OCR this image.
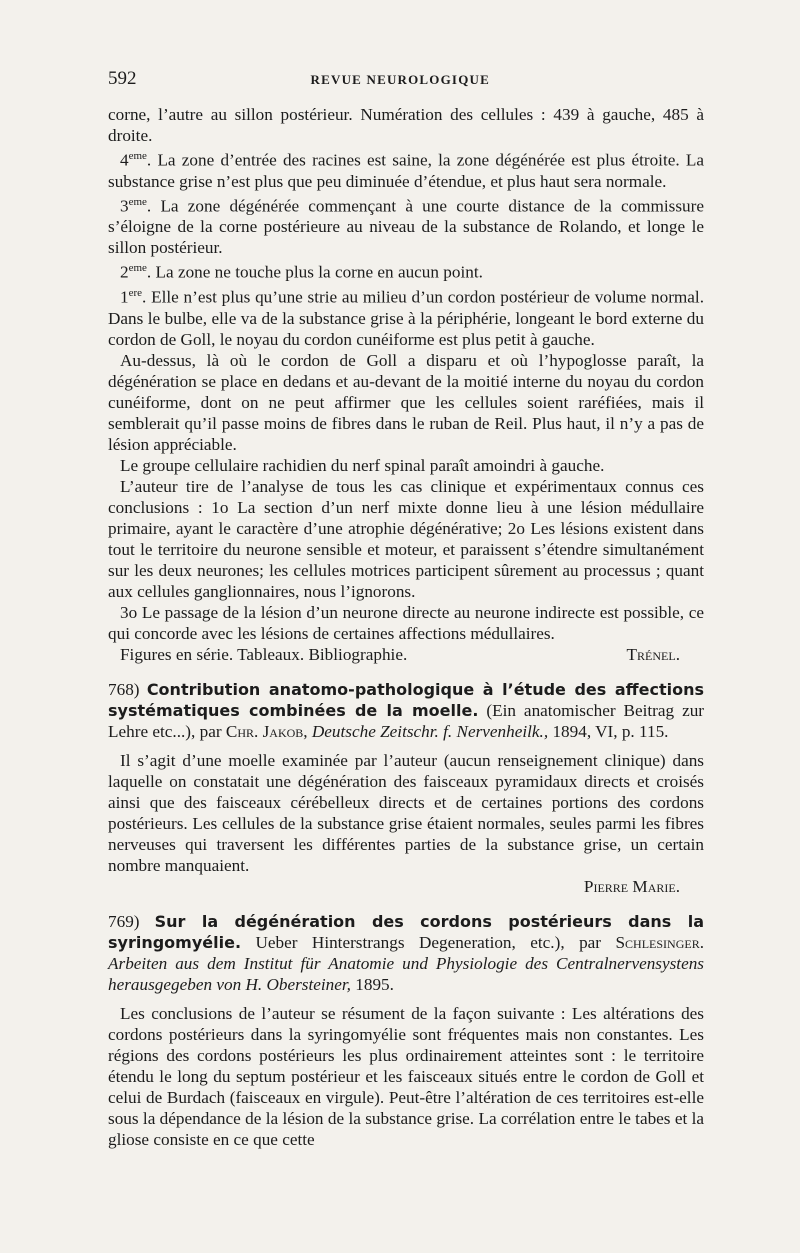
592	REVUE NEUROLOGIQUE

corne, l’autre au sillon postérieur. Numération des cellules : 439 à gauche, 485 à droite.

4eme. La zone d’entrée des racines est saine, la zone dégénérée est plus étroite. La substance grise n’est plus que peu diminuée d’étendue, et plus haut sera normale.

3eme. La zone dégénérée commençant à une courte distance de la commissure s’éloigne de la corne postérieure au niveau de la substance de Rolando, et longe le sillon postérieur.

2eme. La zone ne touche plus la corne en aucun point.

1ere. Elle n’est plus qu’une strie au milieu d’un cordon postérieur de volume normal. Dans le bulbe, elle va de la substance grise à la périphérie, longeant le bord externe du cordon de Goll, le noyau du cordon cunéiforme est plus petit à gauche.

Au-dessus, là où le cordon de Goll a disparu et où l’hypoglosse paraît, la dégénération se place en dedans et au-devant de la moitié interne du noyau du cordon cunéiforme, dont on ne peut affirmer que les cellules soient raréfiées, mais il semblerait qu’il passe moins de fibres dans le ruban de Reil. Plus haut, il n’y a pas de lésion appréciable.

Le groupe cellulaire rachidien du nerf spinal paraît amoindri à gauche.

L’auteur tire de l’analyse de tous les cas clinique et expérimentaux connus ces conclusions : 1o La section d’un nerf mixte donne lieu à une lésion médullaire primaire, ayant le caractère d’une atrophie dégénérative; 2o Les lésions existent dans tout le territoire du neurone sensible et moteur, et paraissent s’étendre simultanément sur les deux neurones; les cellules motrices participent sûrement au processus ; quant aux cellules ganglionnaires, nous l’ignorons.

3o Le passage de la lésion d’un neurone directe au neurone indirecte est possible, ce qui concorde avec les lésions de certaines affections médullaires.

Figures en série. Tableaux. Bibliographie.	Trénel.

768) Contribution anatomo-pathologique à l’étude des affections systématiques combinées de la moelle. (Ein anatomischer Beitrag zur Lehre etc...), par Chr. Jakob, Deutsche Zeitschr. f. Nervenheilk., 1894, VI, p. 115.

Il s’agit d’une moelle examinée par l’auteur (aucun renseignement clinique) dans laquelle on constatait une dégénération des faisceaux pyramidaux directs et croisés ainsi que des faisceaux cérébelleux directs et de certaines portions des cordons postérieurs. Les cellules de la substance grise étaient normales, seules parmi les fibres nerveuses qui traversent les différentes parties de la substance grise, un certain nombre manquaient.

Pierre Marie.

769) Sur la dégénération des cordons postérieurs dans la syringomyélie. Ueber Hinterstrangs Degeneration, etc.), par Schlesinger. Arbeiten aus dem Institut für Anatomie und Physiologie des Centralnervensystens herausgegeben von H. Obersteiner, 1895.

Les conclusions de l’auteur se résument de la façon suivante : Les altérations des cordons postérieurs dans la syringomyélie sont fréquentes mais non constantes. Les régions des cordons postérieurs les plus ordinairement atteintes sont : le territoire étendu le long du septum postérieur et les faisceaux situés entre le cordon de Goll et celui de Burdach (faisceaux en virgule). Peut-être l’altération de ces territoires est-elle sous la dépendance de la lésion de la substance grise. La corrélation entre le tabes et la gliose consiste en ce que cette
